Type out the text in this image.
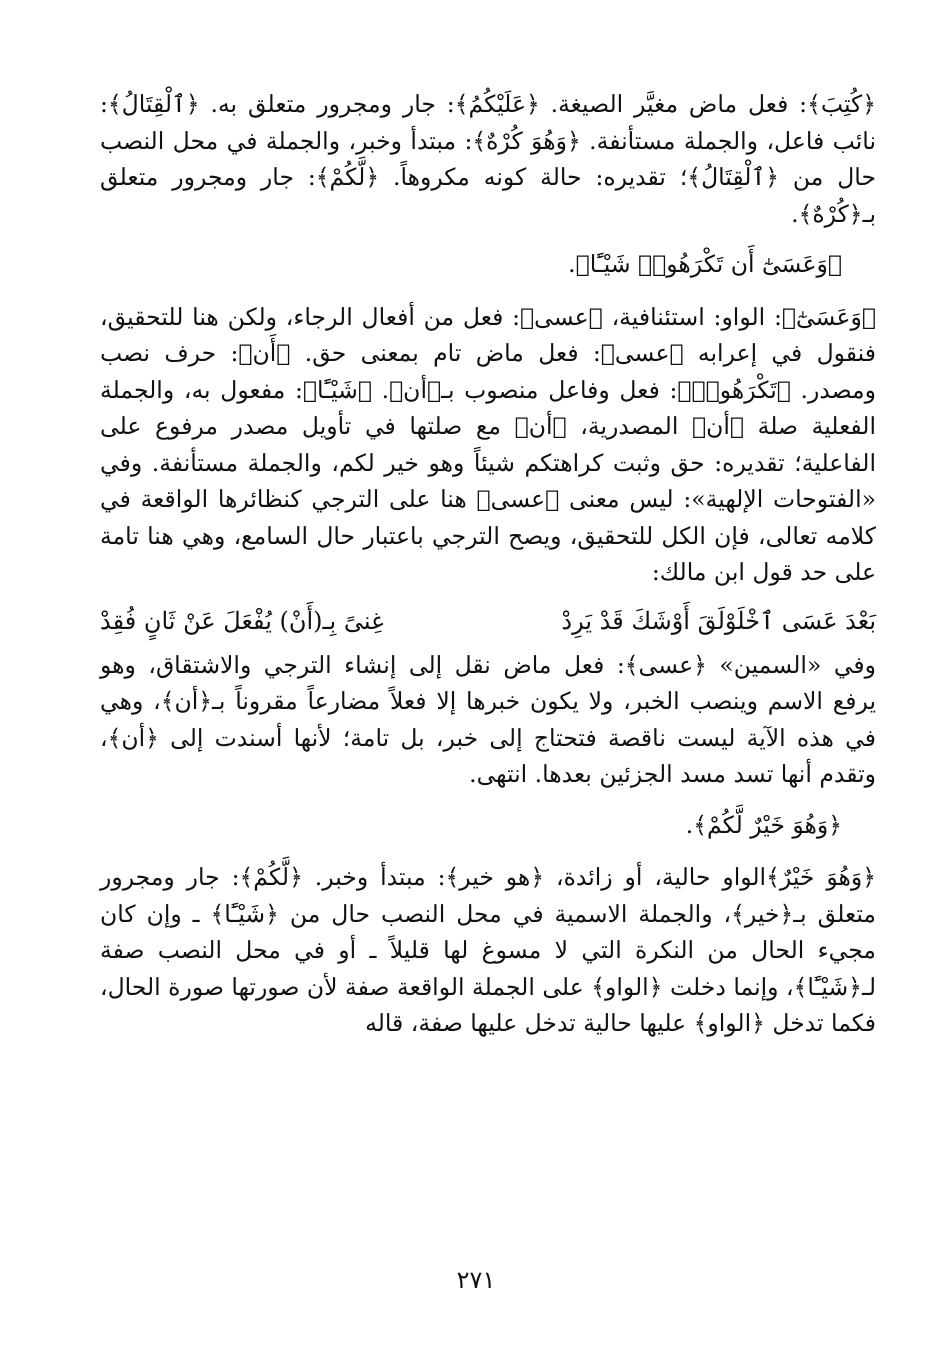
﴿كُتِبَ﴾: فعل ماض مغيَّر الصيغة. ﴿عَلَيْكُمُ﴾: جار ومجرور متعلق به. ﴿ٱلْقِتَالُ﴾: نائب فاعل، والجملة مستأنفة. ﴿وَهُوَ كُرْهٌ﴾: مبتدأ وخبر، والجملة في محل النصب حال من ﴿ٱلْقِتَالُ﴾؛ تقديره: حالة كونه مكروهاً. ﴿لَّكُمْ﴾: جار ومجرور متعلق بـ﴿كُرْهٌ﴾.

﴿وَعَسَىٰٓ أَن تَكْرَهُوا۟ شَيْـًٔا﴾.

﴿وَعَسَىٰٓ﴾: الواو: استئنافية، ﴿عسى﴾: فعل من أفعال الرجاء، ولكن هنا للتحقيق، فنقول في إعرابه ﴿عسى﴾: فعل ماض تام بمعنى حق. ﴿أَن﴾: حرف نصب ومصدر. ﴿تَكْرَهُوا۟﴾: فعل وفاعل منصوب بـ﴿أن﴾. ﴿شَيْـًٔا﴾: مفعول به، والجملة الفعلية صلة ﴿أن﴾ المصدرية، ﴿أن﴾ مع صلتها في تأويل مصدر مرفوع على الفاعلية؛ تقديره: حق وثبت كراهتكم شيئاً وهو خير لكم، والجملة مستأنفة. وفي «الفتوحات الإلهية»: ليس معنى ﴿عسى﴾ هنا على الترجي كنظائرها الواقعة في كلامه تعالى، فإن الكل للتحقيق، ويصح الترجي باعتبار حال السامع، وهي هنا تامة على حد قول ابن مالك:

بَعْدَ عَسَى ٱخْلَوْلَقَ أَوْشَكَ قَدْ يَرِدْ
غِنىً بِـ(أَنْ) يُفْعَلَ عَنْ ثَانٍ فُقِدْ

وفي «السمين» ﴿عسى﴾: فعل ماض نقل إلى إنشاء الترجي والاشتقاق، وهو يرفع الاسم وينصب الخبر، ولا يكون خبرها إلا فعلاً مضارعاً مقروناً بـ﴿أن﴾، وهي في هذه الآية ليست ناقصة فتحتاج إلى خبر، بل تامة؛ لأنها أسندت إلى ﴿أن﴾، وتقدم أنها تسد مسد الجزئين بعدها. انتهى.

﴿وَهُوَ خَيْرٌ لَّكُمْ﴾.

﴿وَهُوَ خَيْرٌ﴾الواو حالية، أو زائدة، ﴿هو خير﴾: مبتدأ وخبر. ﴿لَّكُمْ﴾: جار ومجرور متعلق بـ﴿خير﴾، والجملة الاسمية في محل النصب حال من ﴿شَيْـًٔا﴾ ـ وإن كان مجيء الحال من النكرة التي لا مسوغ لها قليلاً ـ أو في محل النصب صفة لـ﴿شَيْـًٔا﴾، وإنما دخلت ﴿الواو﴾ على الجملة الواقعة صفة لأن صورتها صورة الحال، فكما تدخل ﴿الواو﴾ عليها حالية تدخل عليها صفة، قاله

٢٧١
